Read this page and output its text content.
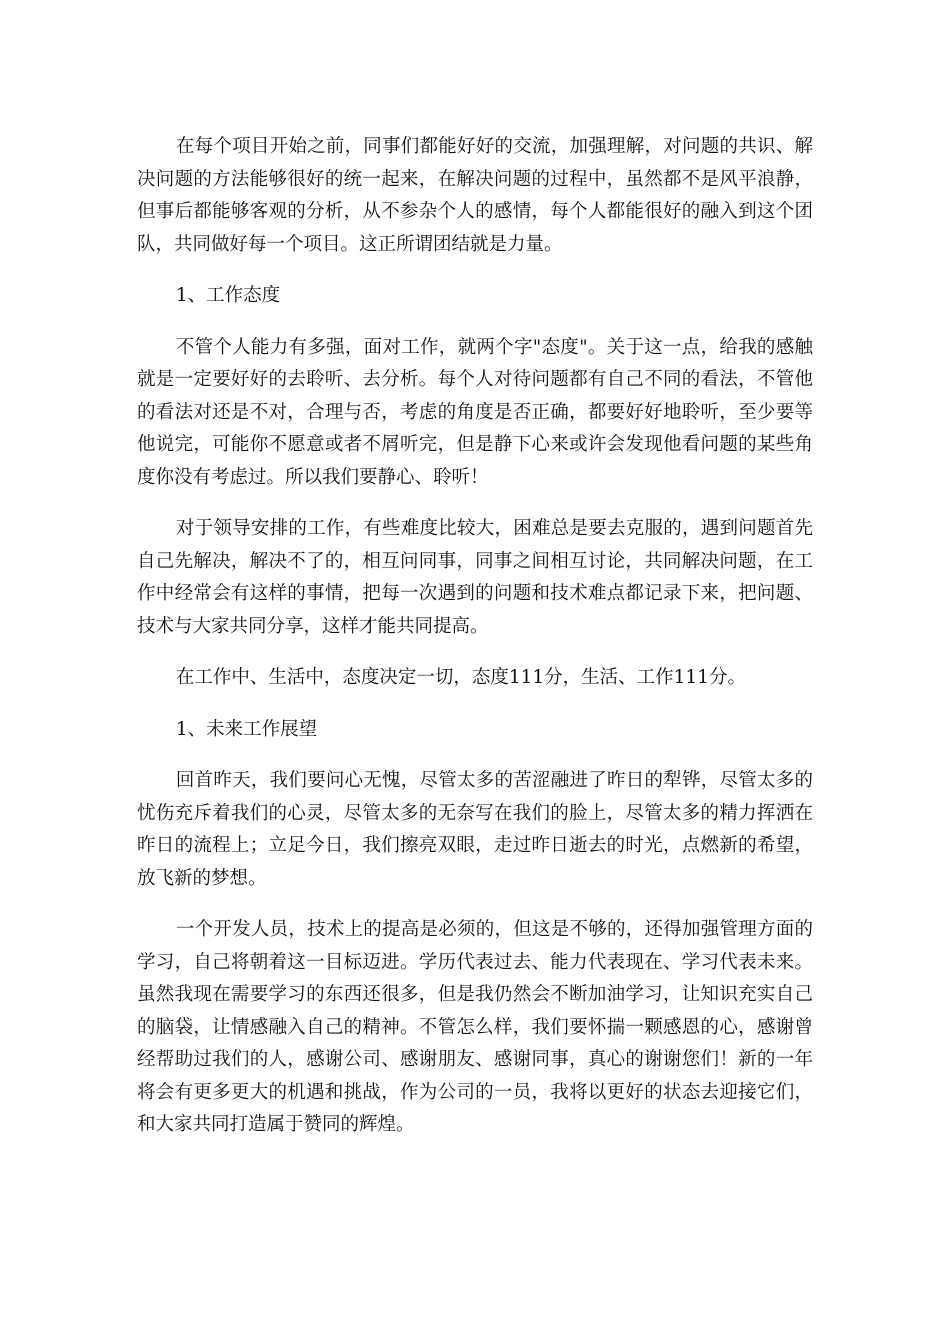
在每个项目开始之前，同事们都能好好的交流，加强理解，对问题的共识、解决问题的方法能够很好的统一起来，在解决问题的过程中，虽然都不是风平浪静，但事后都能够客观的分析，从不参杂个人的感情，每个人都能很好的融入到这个团队，共同做好每一个项目。这正所谓团结就是力量。

1、工作态度

不管个人能力有多强，面对工作，就两个字"态度"。关于这一点，给我的感触就是一定要好好的去聆听、去分析。每个人对待问题都有自己不同的看法，不管他的看法对还是不对，合理与否，考虑的角度是否正确，都要好好地聆听，至少要等他说完，可能你不愿意或者不屑听完，但是静下心来或许会发现他看问题的某些角度你没有考虑过。所以我们要静心、聆听！

对于领导安排的工作，有些难度比较大，困难总是要去克服的，遇到问题首先自己先解决，解决不了的，相互问同事，同事之间相互讨论，共同解决问题，在工作中经常会有这样的事情，把每一次遇到的问题和技术难点都记录下来，把问题、技术与大家共同分享，这样才能共同提高。

在工作中、生活中，态度决定一切，态度111分，生活、工作111分。

1、未来工作展望

回首昨天，我们要问心无愧，尽管太多的苦涩融进了昨日的犁铧，尽管太多的忧伤充斥着我们的心灵，尽管太多的无奈写在我们的脸上，尽管太多的精力挥洒在昨日的流程上；立足今日，我们擦亮双眼，走过昨日逝去的时光，点燃新的希望，放飞新的梦想。

一个开发人员，技术上的提高是必须的，但这是不够的，还得加强管理方面的学习，自己将朝着这一目标迈进。学历代表过去、能力代表现在、学习代表未来。虽然我现在需要学习的东西还很多，但是我仍然会不断加油学习，让知识充实自己的脑袋，让情感融入自己的精神。不管怎么样，我们要怀揣一颗感恩的心，感谢曾经帮助过我们的人，感谢公司、感谢朋友、感谢同事，真心的谢谢您们！新的一年将会有更多更大的机遇和挑战，作为公司的一员，我将以更好的状态去迎接它们，和大家共同打造属于赞同的辉煌。
